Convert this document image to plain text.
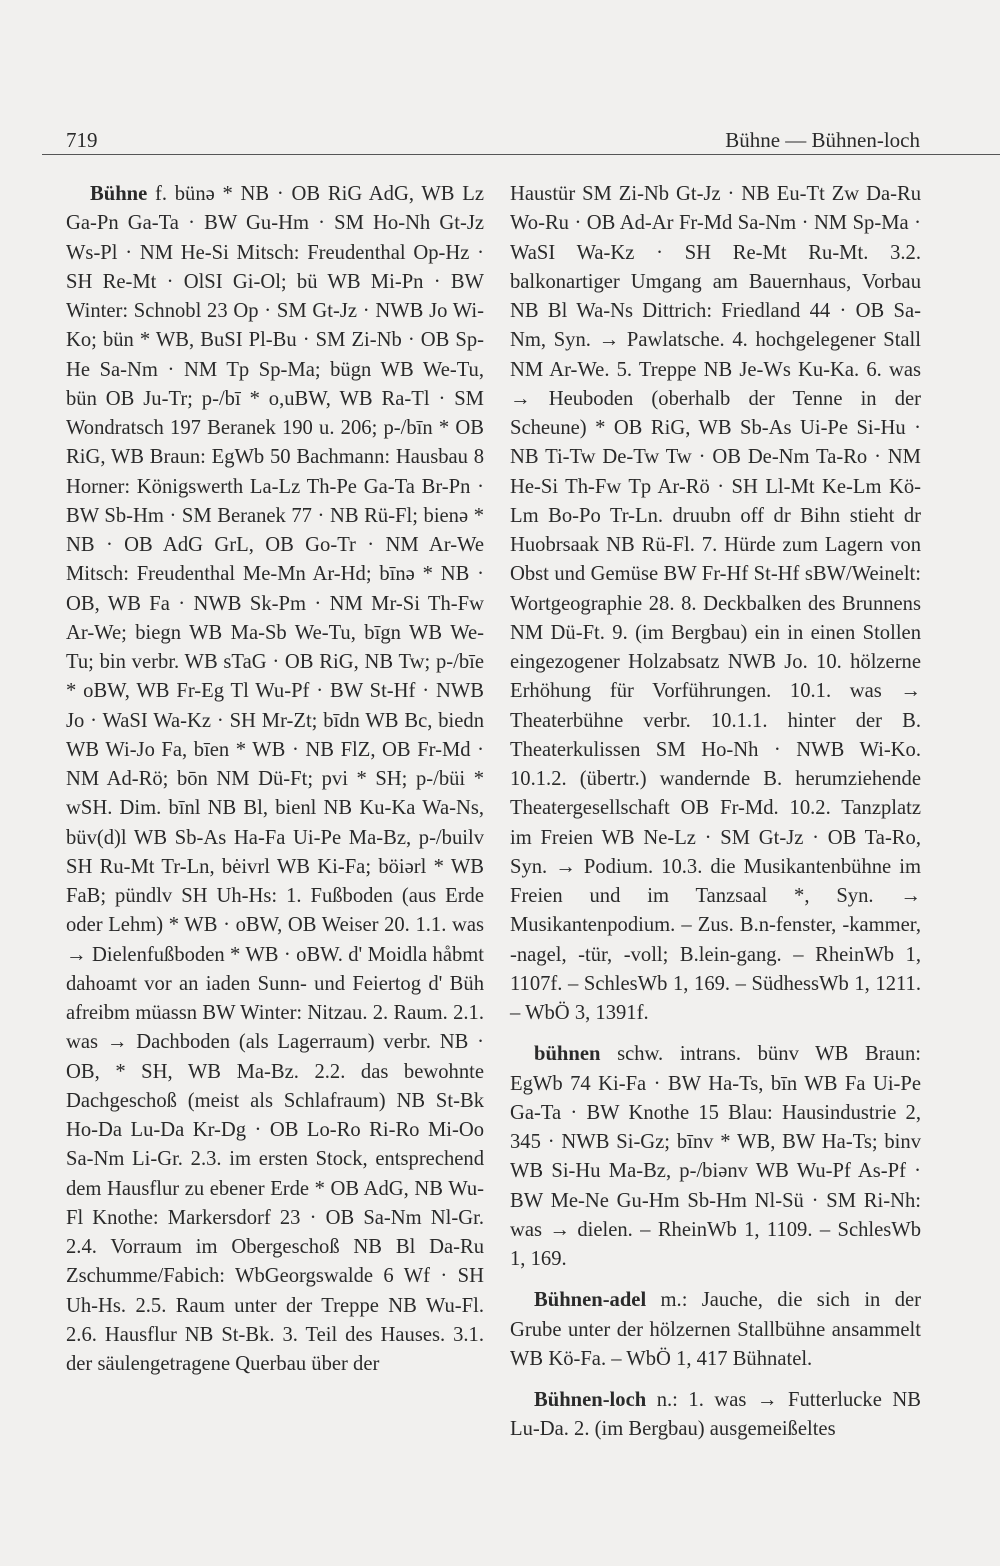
719	Bühne — Bühnen-loch

Bühne f. bünə * NB · OB RiG AdG, WB Lz Ga-Pn Ga-Ta · BW Gu-Hm · SM Ho-Nh Gt-Jz Ws-Pl · NM He-Si Mitsch: Freudenthal Op-Hz · SH Re-Mt · OlSI Gi-Ol; bü WB Mi-Pn · BW Winter: Schnobl 23 Op · SM Gt-Jz · NWB Jo Wi-Ko; bün * WB, BuSI Pl-Bu · SM Zi-Nb · OB Sp-He Sa-Nm · NM Tp Sp-Ma; bügn WB We-Tu, bün OB Ju-Tr; p-/bī * o,uBW, WB Ra-Tl · SM Wondratsch 197 Beranek 190 u. 206; p-/bīn * OB RiG, WB Braun: EgWb 50 Bachmann: Hausbau 8 Horner: Königswerth La-Lz Th-Pe Ga-Ta Br-Pn · BW Sb-Hm · SM Beranek 77 · NB Rü-Fl; bienə * NB · OB AdG GrL, OB Go-Tr · NM Ar-We Mitsch: Freudenthal Me-Mn Ar-Hd; bīnə * NB · OB, WB Fa · NWB Sk-Pm · NM Mr-Si Th-Fw Ar-We; biegn WB Ma-Sb We-Tu, bīgn WB We-Tu; bin verbr. WB sTaG · OB RiG, NB Tw; p-/bīe * oBW, WB Fr-Eg Tl Wu-Pf · BW St-Hf · NWB Jo · WaSI Wa-Kz · SH Mr-Zt; bīdn WB Bc, biedn WB Wi-Jo Fa, bīen * WB · NB FlZ, OB Fr-Md · NM Ad-Rö; bōn NM Dü-Ft; pvi * SH; p-/büi * wSH. Dim. bīnl NB Bl, bienl NB Ku-Ka Wa-Ns, büv(d)l WB Sb-As Ha-Fa Ui-Pe Ma-Bz, p-/builv SH Ru-Mt Tr-Ln, bėivrl WB Ki-Fa; böiərl * WB FaB; pündlv SH Uh-Hs: 1. Fußboden (aus Erde oder Lehm) * WB · oBW, OB Weiser 20. 1.1. was → Dielenfußboden * WB · oBW. d' Moidla håbmt dahoamt vor an iaden Sunn- und Feiertog d' Büh afreibm müassn BW Winter: Nitzau. 2. Raum. 2.1. was → Dachboden (als Lagerraum) verbr. NB · OB, * SH, WB Ma-Bz. 2.2. das bewohnte Dachgeschoß (meist als Schlafraum) NB St-Bk Ho-Da Lu-Da Kr-Dg · OB Lo-Ro Ri-Ro Mi-Oo Sa-Nm Li-Gr. 2.3. im ersten Stock, entsprechend dem Hausflur zu ebener Erde * OB AdG, NB Wu-Fl Knothe: Markersdorf 23 · OB Sa-Nm Nl-Gr. 2.4. Vorraum im Obergeschoß NB Bl Da-Ru Zschumme/Fabich: WbGeorgswalde 6 Wf · SH Uh-Hs. 2.5. Raum unter der Treppe NB Wu-Fl. 2.6. Hausflur NB St-Bk. 3. Teil des Hauses. 3.1. der säulengetragene Querbau über der

Haustür SM Zi-Nb Gt-Jz · NB Eu-Tt Zw Da-Ru Wo-Ru · OB Ad-Ar Fr-Md Sa-Nm · NM Sp-Ma · WaSI Wa-Kz · SH Re-Mt Ru-Mt. 3.2. balkonartiger Umgang am Bauernhaus, Vorbau NB Bl Wa-Ns Dittrich: Friedland 44 · OB Sa-Nm, Syn. → Pawlatsche. 4. hochgelegener Stall NM Ar-We. 5. Treppe NB Je-Ws Ku-Ka. 6. was → Heuboden (oberhalb der Tenne in der Scheune) * OB RiG, WB Sb-As Ui-Pe Si-Hu · NB Ti-Tw De-Tw Tw · OB De-Nm Ta-Ro · NM He-Si Th-Fw Tp Ar-Rö · SH Ll-Mt Ke-Lm Kö-Lm Bo-Po Tr-Ln. druubn off dr Bihn stieht dr Huobrsaak NB Rü-Fl. 7. Hürde zum Lagern von Obst und Gemüse BW Fr-Hf St-Hf sBW/Weinelt: Wortgeographie 28. 8. Deckbalken des Brunnens NM Dü-Ft. 9. (im Bergbau) ein in einen Stollen eingezogener Holzabsatz NWB Jo. 10. hölzerne Erhöhung für Vorführungen. 10.1. was → Theaterbühne verbr. 10.1.1. hinter der B. Theaterkulissen SM Ho-Nh · NWB Wi-Ko. 10.1.2. (übertr.) wandernde B. herumziehende Theatergesellschaft OB Fr-Md. 10.2. Tanzplatz im Freien WB Ne-Lz · SM Gt-Jz · OB Ta-Ro, Syn. → Podium. 10.3. die Musikantenbühne im Freien und im Tanzsaal *, Syn. → Musikantenpodium. – Zus. B.n-fenster, -kammer, -nagel, -tür, -voll; B.lein-gang. – RheinWb 1, 1107f. – SchlesWb 1, 169. – SüdhessWb 1, 1211. – WbÖ 3, 1391f.

bühnen schw. intrans. bünv WB Braun: EgWb 74 Ki-Fa · BW Ha-Ts, bīn WB Fa Ui-Pe Ga-Ta · BW Knothe 15 Blau: Hausindustrie 2, 345 · NWB Si-Gz; bīnv * WB, BW Ha-Ts; binv WB Si-Hu Ma-Bz, p-/biənv WB Wu-Pf As-Pf · BW Me-Ne Gu-Hm Sb-Hm Nl-Sü · SM Ri-Nh: was → dielen. – RheinWb 1, 1109. – SchlesWb 1, 169.

Bühnen-adel m.: Jauche, die sich in der Grube unter der hölzernen Stallbühne ansammelt WB Kö-Fa. – WbÖ 1, 417 Bühnatel.

Bühnen-loch n.: 1. was → Futterlucke NB Lu-Da. 2. (im Bergbau) ausgemeißeltes
